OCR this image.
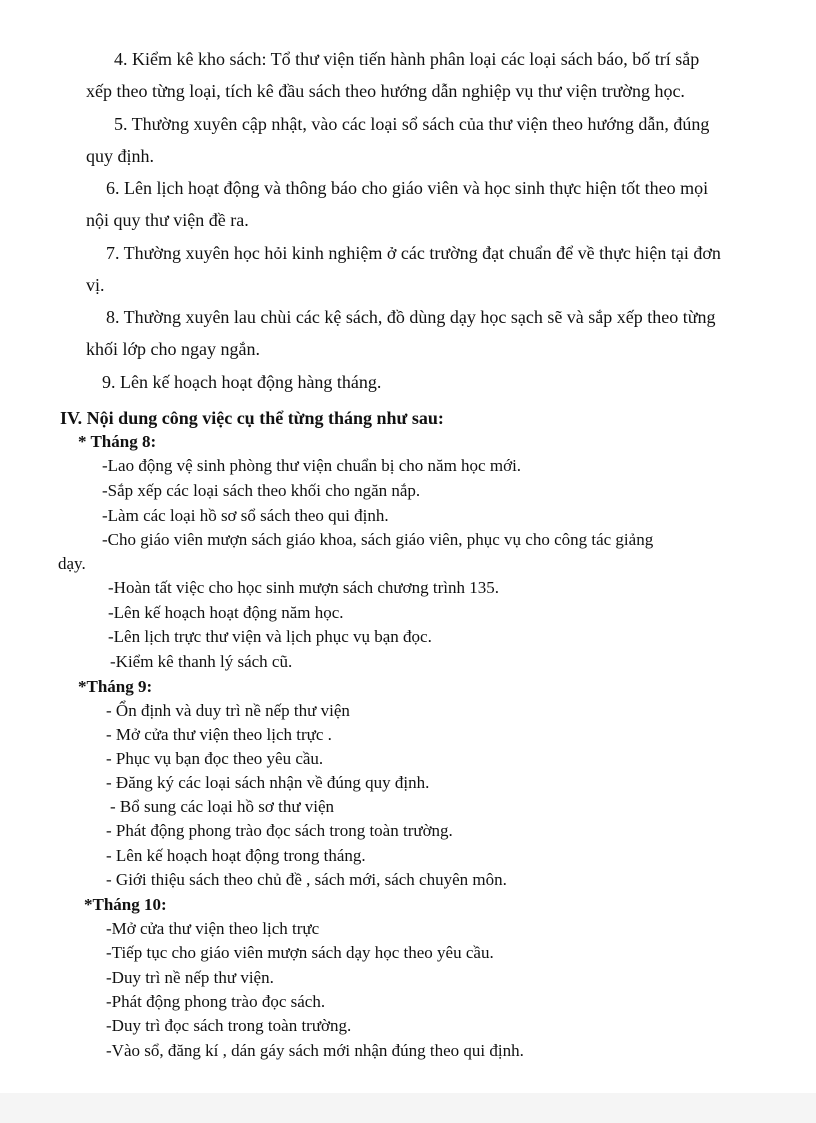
4. Kiểm kê kho sách: Tổ thư viện tiến hành phân loại các loại sách báo, bố trí sắp
xếp theo từng loại, tích kê đầu sách theo hướng dẫn nghiệp vụ thư viện trường học.

5. Thường xuyên cập nhật, vào các loại sổ sách của thư viện theo hướng dẫn, đúng
quy định.

6. Lên lịch hoạt động và thông báo cho giáo viên và học sinh thực hiện tốt theo mọi
nội quy thư viện đề ra.

7. Thường xuyên học hỏi kinh nghiệm ở các trường đạt chuẩn để về thực hiện tại đơn
vị.

8. Thường xuyên lau chùi các kệ sách, đồ dùng dạy học sạch sẽ và sắp xếp theo từng
khối lớp cho ngay ngắn.

9. Lên kế hoạch hoạt động hàng tháng.

IV. Nội dung công việc cụ thể từng tháng như sau:
* Tháng 8:
-Lao động vệ sinh phòng thư viện chuẩn bị cho năm học mới.
-Sắp xếp các loại sách theo khối cho ngăn nắp.
-Làm các loại hồ sơ sổ sách theo qui định.
-Cho giáo viên mượn sách giáo khoa, sách giáo viên, phục vụ cho công tác giảng
dạy.
-Hoàn tất việc cho học sinh mượn sách chương trình 135.
-Lên kế hoạch hoạt động năm học.
-Lên lịch trực thư viện và lịch phục vụ bạn đọc.
-Kiểm kê thanh lý sách cũ.
*Tháng 9:
- Ổn định và duy trì nề nếp thư viện
- Mở cửa thư viện theo lịch trực .
- Phục vụ bạn đọc theo yêu cầu.
- Đăng ký các loại sách nhận về đúng quy định.
- Bổ sung các loại hồ sơ thư viện
- Phát động phong trào đọc sách trong toàn trường.
- Lên kế hoạch hoạt động trong tháng.
- Giới thiệu sách theo chủ đề , sách mới, sách chuyên môn.
*Tháng 10:
-Mở cửa thư viện theo lịch trực
-Tiếp tục cho giáo viên mượn sách dạy học theo yêu cầu.
-Duy trì nề nếp thư viện.
-Phát động phong trào đọc sách.
-Duy trì đọc sách trong toàn trường.
-Vào sổ, đăng kí , dán gáy sách mới nhận đúng theo qui định.
